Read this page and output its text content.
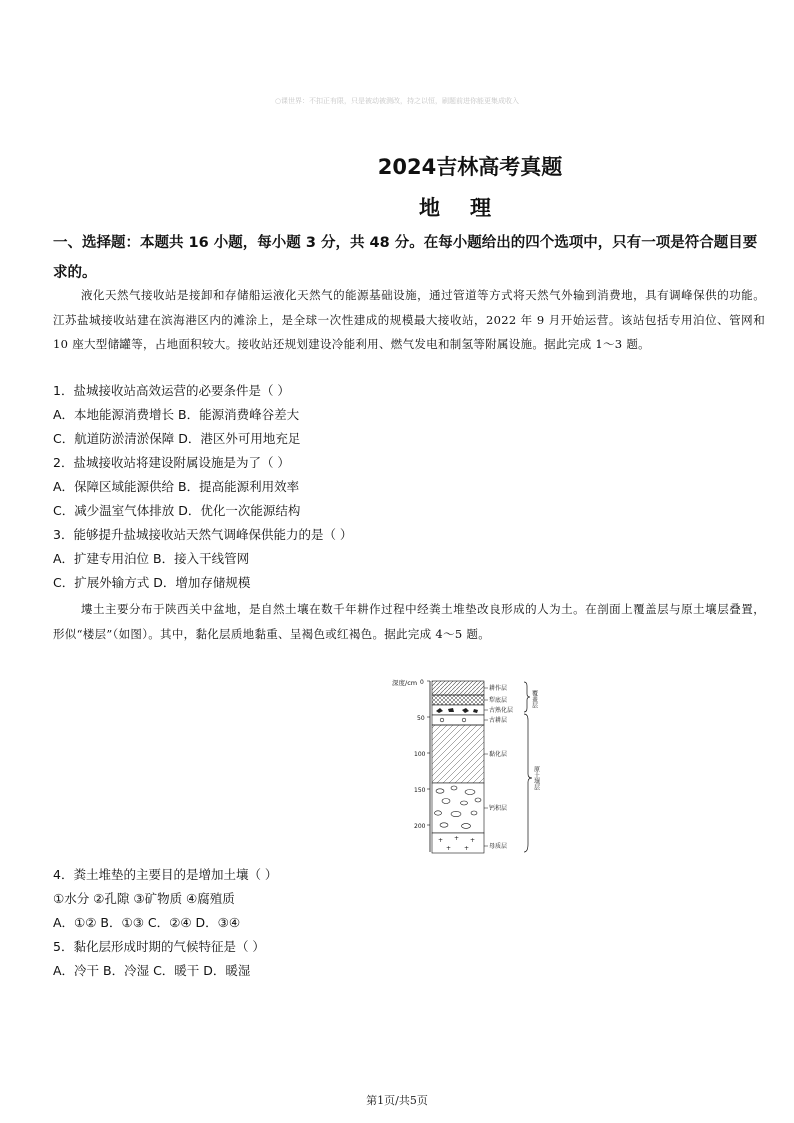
○课世界：不扣正有限，只是被动被测改，持之以恒，刷题前进你能更集成收入
2024吉林高考真题
地理
一、选择题：本题共 16 小题，每小题 3 分，共 48 分。在每小题给出的四个选项中，只有一项是符合题目要求的。
液化天然气接收站是接卸和存储船运液化天然气的能源基础设施，通过管道等方式将天然气外输到消费地，具有调峰保供的功能。江苏盐城接收站建在滨海港区内的滩涂上，是全球一次性建成的规模最大接收站，2022 年 9 月开始运营。该站包括专用泊位、管网和 10 座大型储罐等，占地面积较大。接收站还规划建设冷能利用、燃气发电和制氢等附属设施。据此完成 1～3 题。
1．盐城接收站高效运营的必要条件是（ ）
A．本地能源消费增长 B．能源消费峰谷差大
C．航道防淤清淤保障 D．港区外可用地充足
2．盐城接收站将建设附属设施是为了（ ）
A．保障区域能源供给 B．提高能源利用效率
C．减少温室气体排放 D．优化一次能源结构
3．能够提升盐城接收站天然气调峰保供能力的是（ ）
A．扩建专用泊位 B．接入干线管网
C．扩展外输方式 D．增加存储规模
塿土主要分布于陕西关中盆地，是自然土壤在数千年耕作过程中经粪土堆垫改良形成的人为土。在剖面上覆盖层与原土壤层叠置，形似“楼层”（如图）。其中，黏化层质地黏重、呈褐色或红褐色。据此完成 4～5 题。
深度/cm 0
50
100
150
200
+ + +
+ +
耕作层
犁底层
古熟化层
古耕层
黏化层
钙积层
母质层
覆盖层
原土壤层
4．粪土堆垫的主要目的是增加土壤（ ）
①水分 ②孔隙 ③矿物质 ④腐殖质
A．①② B．①③ C．②④ D．③④
5．黏化层形成时期的气候特征是（ ）
A．冷干 B．冷湿 C．暖干 D．暖湿
第1页/共5页
